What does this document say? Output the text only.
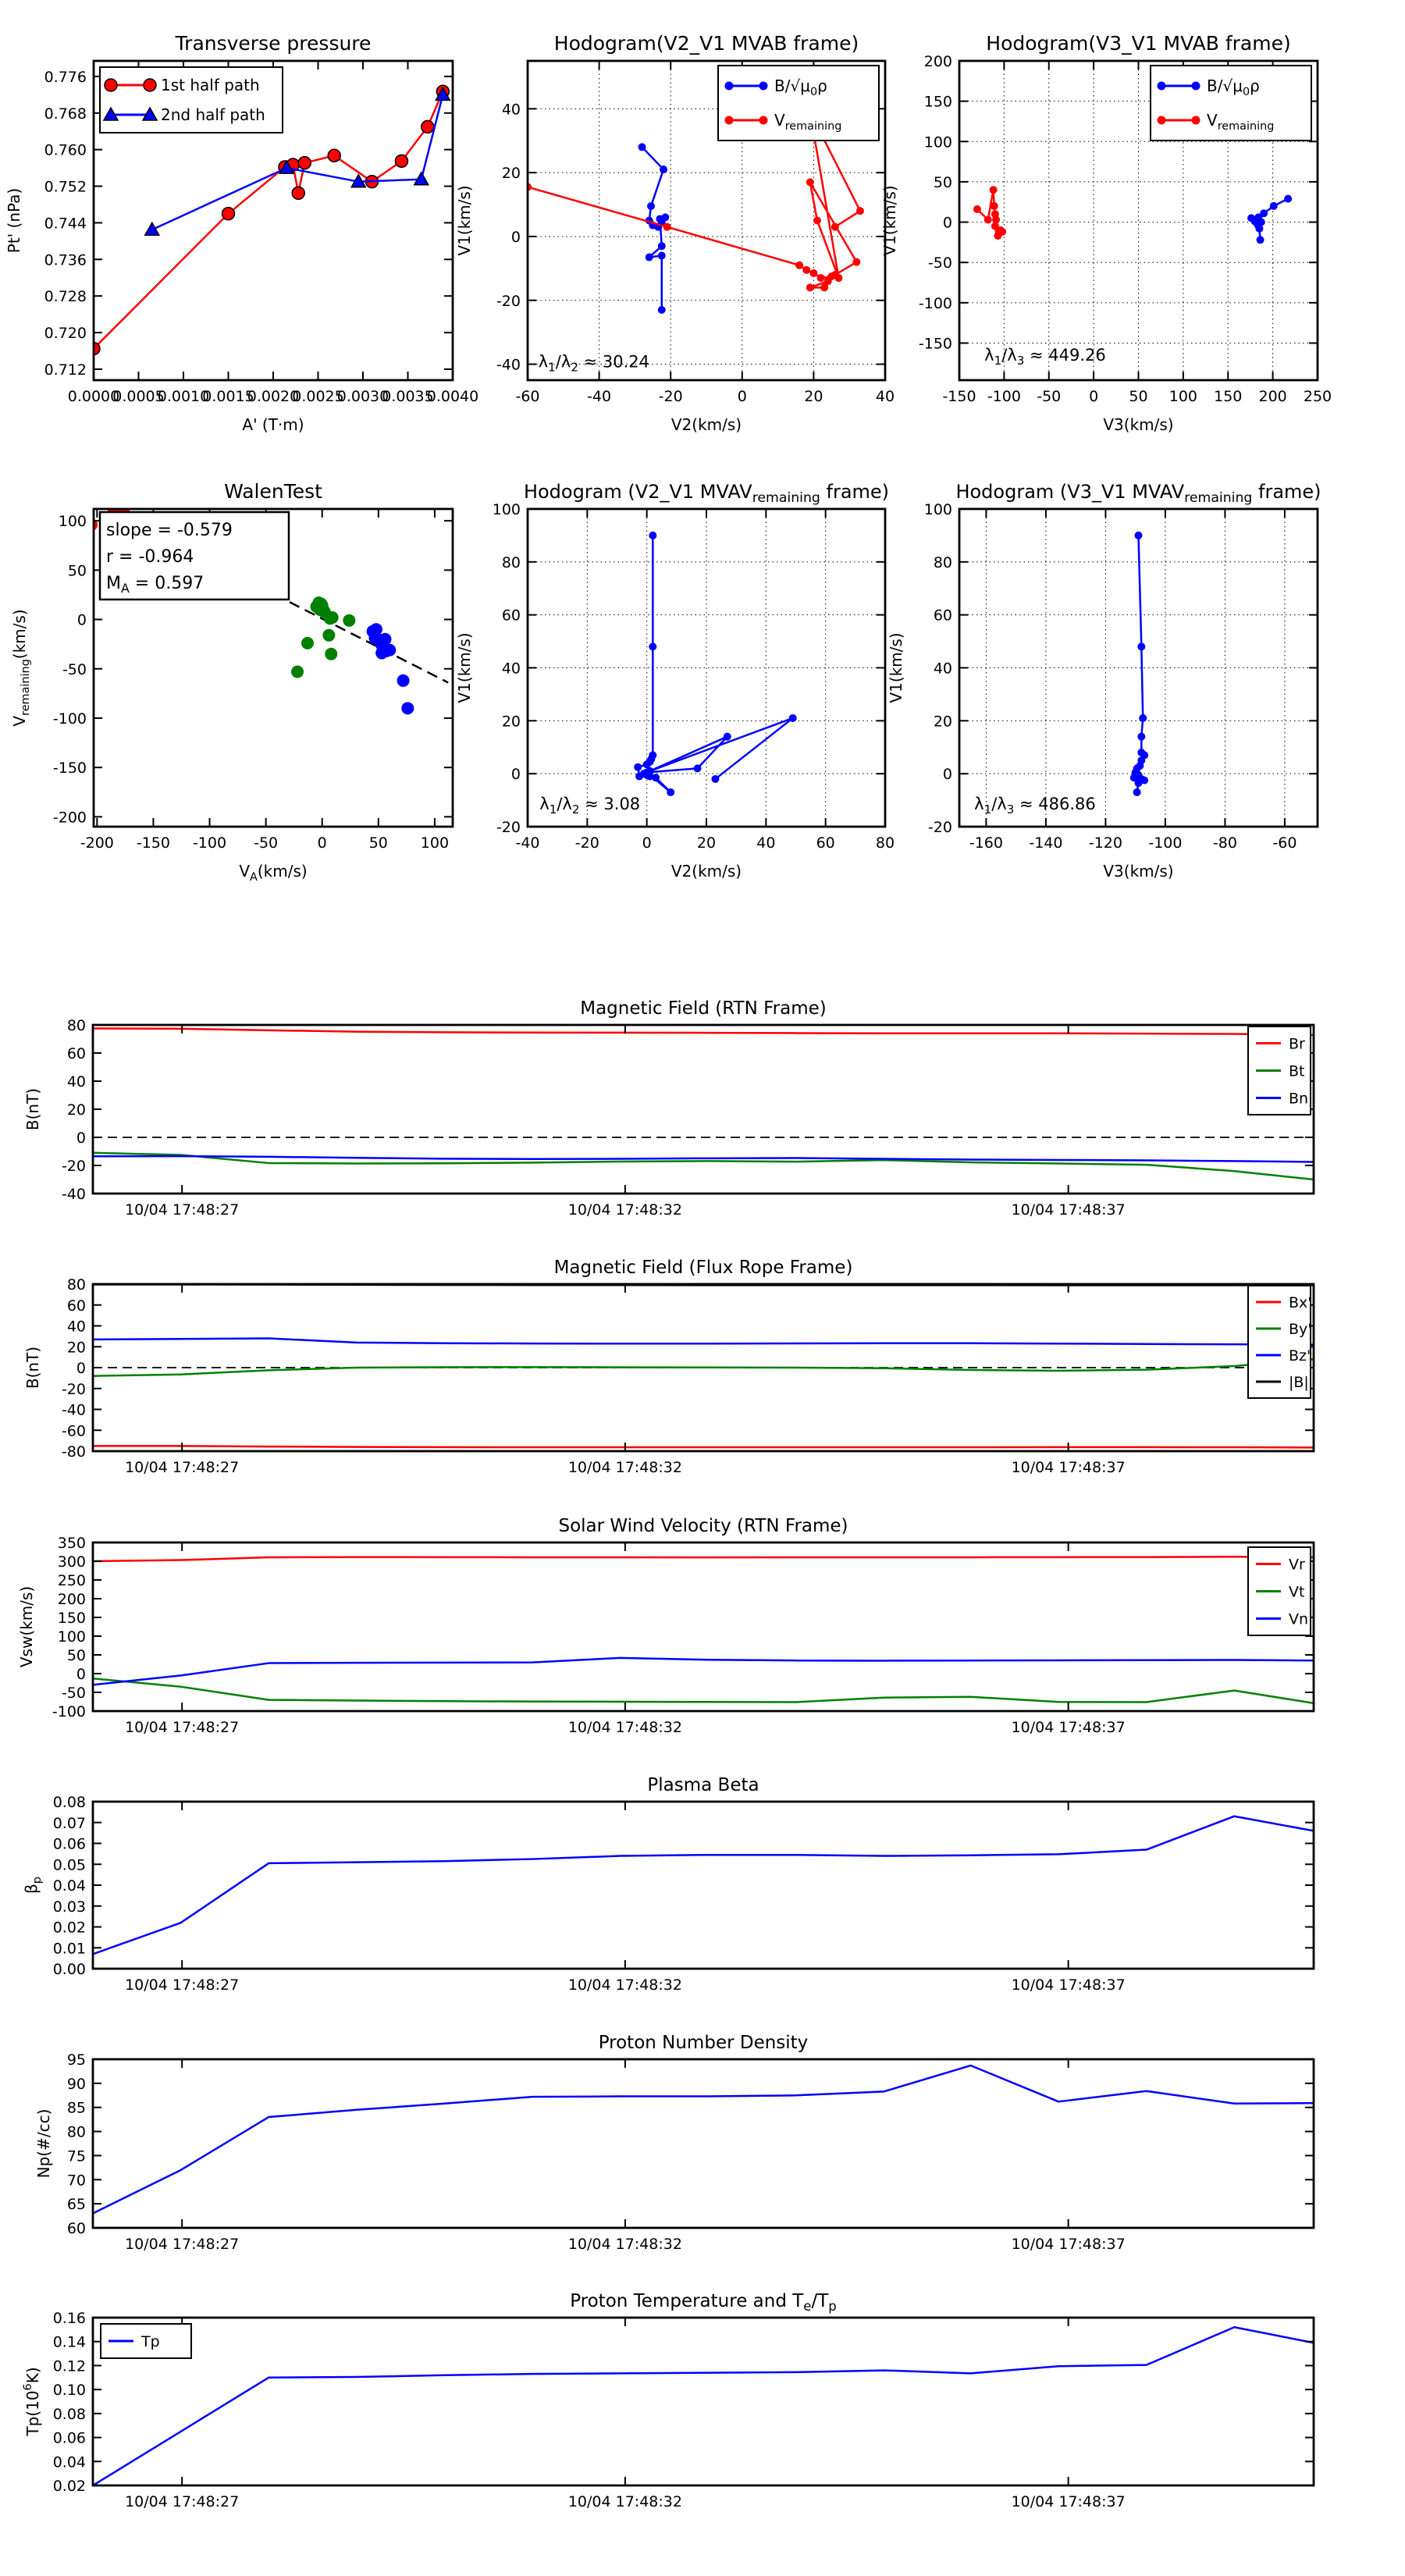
0.0000
0.0005
0.0010
0.0015
0.0020
0.0025
0.0030
0.0035
0.0040
0.712
0.720
0.728
0.736
0.744
0.752
0.760
0.768
0.776
Transverse pressure
A' (T·m)
Pt' (nPa)
1st half path
2nd half path
-60	-40	-20	0	20	40
-40
-20
0
20
40
Hodogram(V2_V1 MVAB frame)
V2(km/s)
V1(km/s)
$\lambda_1/\lambda_2 \approx 30.24$
$B/√\mu_0\rho$
$V_{remaining}$
-150 -100 -50 0 50 100 150 200 250
-150
-100
-50
0
50
100
150
200
Hodogram(V3_V1 MVAB frame)
V3(km/s)
V1(km/s)
$\lambda_1/\lambda_3 \approx 449.26$
$B/√\mu_0\rho$
$V_{remaining}$
-200 -150 -100 -50	0	50 100
-200
-150
-100
-50
0
50
100
WalenTest
$V_A(km/s)$
$V_{remaining}(km/s)$
slope = -0.579
r = -0.964
$M_A = 0.597$
-40 -20	0	20	40	60	80
-20
0
20
40
60
80
100
Hodogram (V2_V1 $MVAV_{remaining}$ frame)
V2(km/s)
V1(km/s)
$\lambda_1/\lambda_2 \approx 3.08$
-160 -140 -120 -100 -80 -60
-20
0
20
40
60
80
100
Hodogram (V3_V1 $MVAV_{remaining}$ frame)
V3(km/s)
V1(km/s)
$\lambda_1/\lambda_3 \approx 486.86$
10/04 17:48:27	10/04 17:48:32	10/04 17:48:37
-40
-20
0
20
40
60
80
Magnetic Field (RTN Frame)
B(nT)
Br
Bt
Bn
10/04 17:48:27	10/04 17:48:32	10/04 17:48:37
-80
-60
-40
-20
0
20
40
60
80
Magnetic Field (Flux Rope Frame)
B(nT)
Bx'
By'
Bz'
|B|
10/04 17:48:27	10/04 17:48:32	10/04 17:48:37
-100
-50
0
50
100
150
200
250
300
350
Solar Wind Velocity (RTN Frame)
Vsw(km/s)
Vr
Vt
Vn
10/04 17:48:27	10/04 17:48:32	10/04 17:48:37
0.00
0.01
0.02
0.03
0.04
0.05
0.06
0.07
0.08
Plasma Beta
$\beta_p$
10/04 17:48:27	10/04 17:48:32	10/04 17:48:37
60
65
70
75
80
85
90
95
Proton Number Density
Np(#/cc)
10/04 17:48:27	10/04 17:48:32	10/04 17:48:37
0.02
0.04
0.06
0.08
0.10
0.12
0.14
0.16
Proton Temperature and $T_e/T_p$
$Tp(10^6K)$
Tp
